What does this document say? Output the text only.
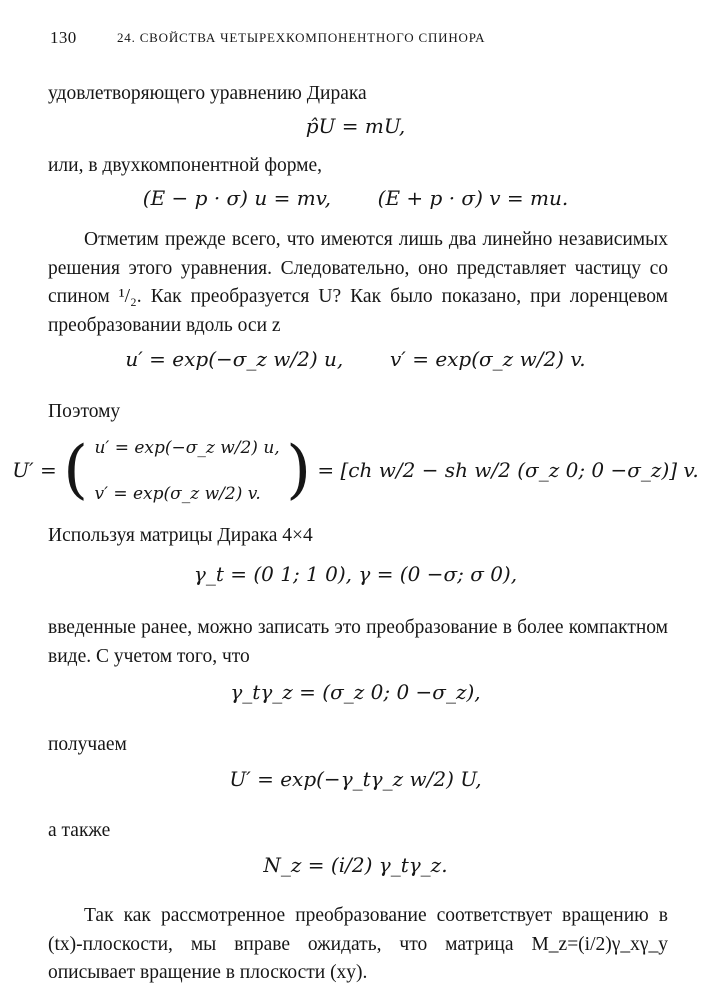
130	24. СВОЙСТВА ЧЕТЫРЕХКОМПОНЕНТНОГО СПИНОРА
удовлетворяющего уравнению Дирака
p̂U = mU,
или, в двухкомпонентной форме,
(E − p · σ) u = mv, (E + p · σ) v = mu.
Отметим прежде всего, что имеются лишь два линейно независимых решения этого уравнения. Следовательно, оно представляет частицу со спином ¹/₂. Как преобразуется U? Как было показано, при лоренцевом преобразовании вдоль оси z
u′ = exp(−σ_z w/2) u, v′ = exp(σ_z w/2) v.
Поэтому
U′ = ( u′ = exp(−σ_z w/2) u,
v′ = exp(σ_z w/2) v. ) = [ch w/2 − sh w/2 (σ_z 0; 0 −σ_z)] v.
Используя матрицы Дирака 4×4
γ_t = (0 1; 1 0), γ = (0 −σ; σ 0),
введенные ранее, можно записать это преобразование в более компактном виде. С учетом того, что
γ_tγ_z = (σ_z 0; 0 −σ_z),
получаем
U′ = exp(−γ_tγ_z w/2) U,
а также
N_z = (i/2) γ_tγ_z.
Так как рассмотренное преобразование соответствует вращению в (tx)-плоскости, мы вправе ожидать, что матрица M_z=(i/2)γ_xγ_y описывает вращение в плоскости (xy).
